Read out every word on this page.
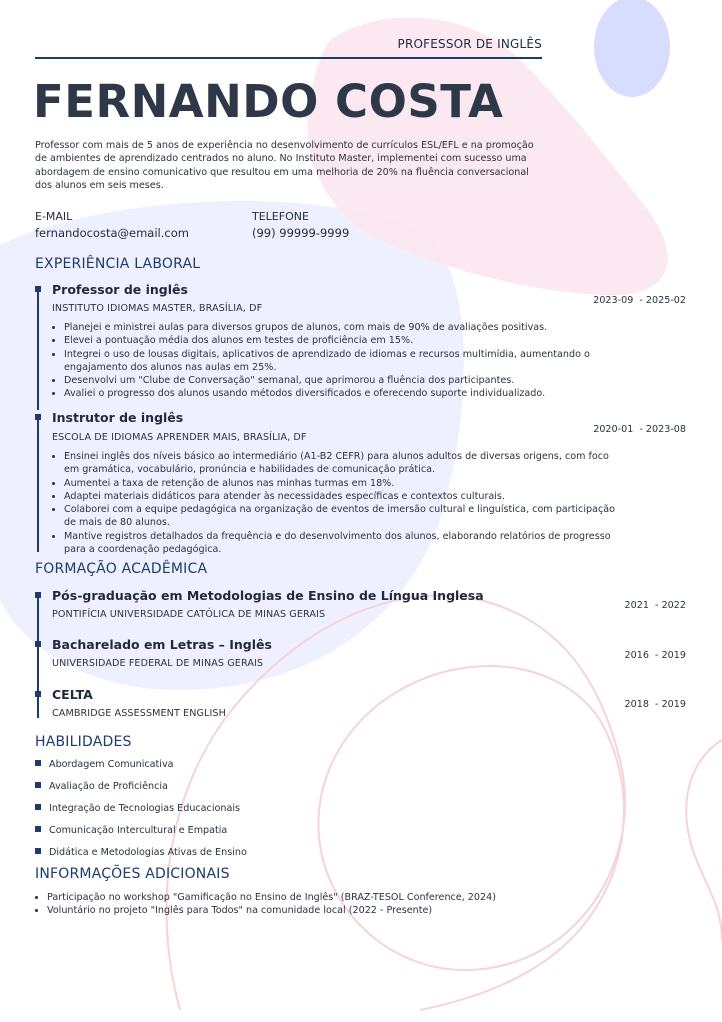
PROFESSOR DE INGLÊS
FERNANDO COSTA

Professor com mais de 5 anos de experiência no desenvolvimento de currículos ESL/EFL e na promoção de ambientes de aprendizado centrados no aluno. No Instituto Master, implementei com sucesso uma abordagem de ensino comunicativo que resultou em uma melhoria de 20% na fluência conversacional dos alunos em seis meses.

E-MAIL
fernandocosta@email.com
TELEFONE
(99) 99999-9999
EXPERIÊNCIA LABORAL
Professor de inglês
INSTITUTO IDIOMAS MASTER, BRASÍLIA, DF
2023-09  - 2025-02
• Planejei e ministrei aulas para diversos grupos de alunos, com mais de 90% de avaliações positivas.
• Elevei a pontuação média dos alunos em testes de proficiência em 15%.
• Integrei o uso de lousas digitais, aplicativos de aprendizado de idiomas e recursos multimídia, aumentando o engajamento dos alunos nas aulas em 25%.
• Desenvolvi um "Clube de Conversação" semanal, que aprimorou a fluência dos participantes.
• Avaliei o progresso dos alunos usando métodos diversificados e oferecendo suporte individualizado.
Instrutor de inglês
ESCOLA DE IDIOMAS APRENDER MAIS, BRASÍLIA, DF
2020-01  - 2023-08
• Ensinei inglês dos níveis básico ao intermediário (A1-B2 CEFR) para alunos adultos de diversas origens, com foco em gramática, vocabulário, pronúncia e habilidades de comunicação prática.
• Aumentei a taxa de retenção de alunos nas minhas turmas em 18%.
• Adaptei materiais didáticos para atender às necessidades específicas e contextos culturais.
• Colaborei com a equipe pedagógica na organização de eventos de imersão cultural e linguística, com participação de mais de 80 alunos.
• Mantive registros detalhados da frequência e do desenvolvimento dos alunos, elaborando relatórios de progresso para a coordenação pedagógica.
FORMAÇÃO ACADÊMICA
Pós-graduação em Metodologias de Ensino de Língua Inglesa
PONTIFÍCIA UNIVERSIDADE CATÓLICA DE MINAS GERAIS
2021  - 2022
Bacharelado em Letras – Inglês
UNIVERSIDADE FEDERAL DE MINAS GERAIS
2016  - 2019
CELTA
CAMBRIDGE ASSESSMENT ENGLISH
2018  - 2019
HABILIDADES
Abordagem Comunicativa
Avaliação de Proficiência
Integração de Tecnologias Educacionais
Comunicação Intercultural e Empatia
Didática e Metodologias Ativas de Ensino
INFORMAÇÕES ADICIONAIS
• Participação no workshop "Gamificação no Ensino de Inglês" (BRAZ-TESOL Conference, 2024)
• Voluntário no projeto "Inglês para Todos" na comunidade local (2022 - Presente)
